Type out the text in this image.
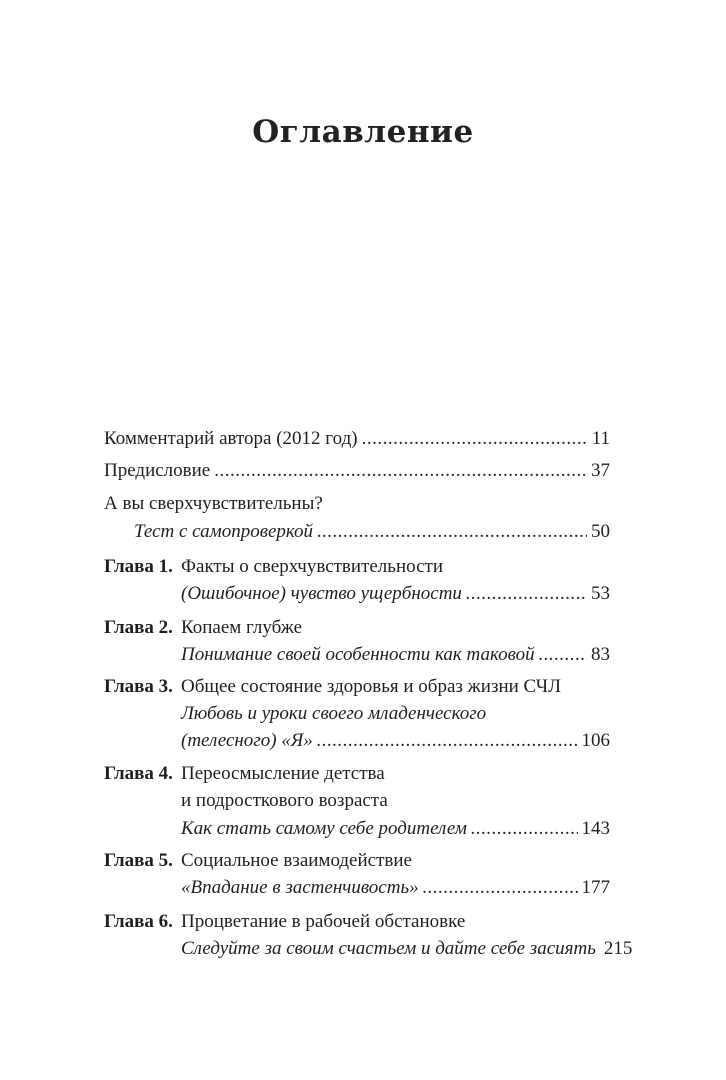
Оглавление
Комментарий автора (2012 год) .....	11
Предисловие .....	37
А вы сверхчувствительны?
Тест с самопроверкой .....	50
Глава 1. Факты о сверхчувствительности
(Ошибочное) чувство ущербности .....	53
Глава 2. Копаем глубже
Понимание своей особенности как таковой .....	83
Глава 3. Общее состояние здоровья и образ жизни СЧЛ
Любовь и уроки своего младенческого
(телесного) «Я» .....	106
Глава 4. Переосмысление детства
и подросткового возраста
Как стать самому себе родителем .....	143
Глава 5. Социальное взаимодействие
«Впадание в застенчивость» .....	177
Глава 6. Процветание в рабочей обстановке
Следуйте за своим счастьем и дайте себе засиять 215
